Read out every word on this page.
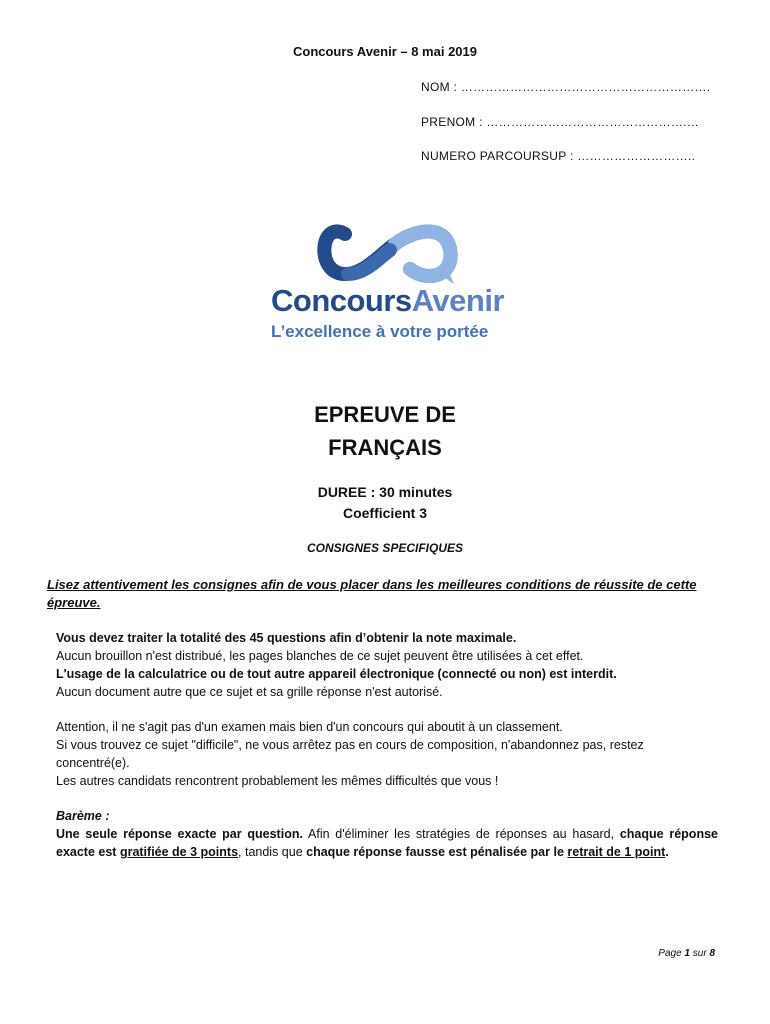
Concours Avenir – 8 mai 2019
NOM : …………………………………………………….
PRENOM : ………………………………………….…
NUMERO PARCOURSUP : ………………………..
ConcoursAvenir
L’excellence à votre portée
EPREUVE DE
FRANÇAIS
DUREE : 30 minutes
Coefficient 3
CONSIGNES SPECIFIQUES
Lisez attentivement les consignes afin de vous placer dans les meilleures conditions de réussite de cette épreuve.

Vous devez traiter la totalité des 45 questions afin d’obtenir la note maximale.

Aucun brouillon n'est distribué, les pages blanches de ce sujet peuvent être utilisées à cet effet.

L'usage de la calculatrice ou de tout autre appareil électronique (connecté ou non) est interdit.

Aucun document autre que ce sujet et sa grille réponse n'est autorisé.

Attention, il ne s'agit pas d'un examen mais bien d'un concours qui aboutit à un classement.

Si vous trouvez ce sujet "difficile", ne vous arrêtez pas en cours de composition, n'abandonnez pas, restez concentré(e).

Les autres candidats rencontrent probablement les mêmes difficultés que vous !

Barème :

Une seule réponse exacte par question. Afin d'éliminer les stratégies de réponses au hasard, chaque réponse exacte est gratifiée de 3 points, tandis que chaque réponse fausse est pénalisée par le retrait de 1 point.

Page 1 sur 8
